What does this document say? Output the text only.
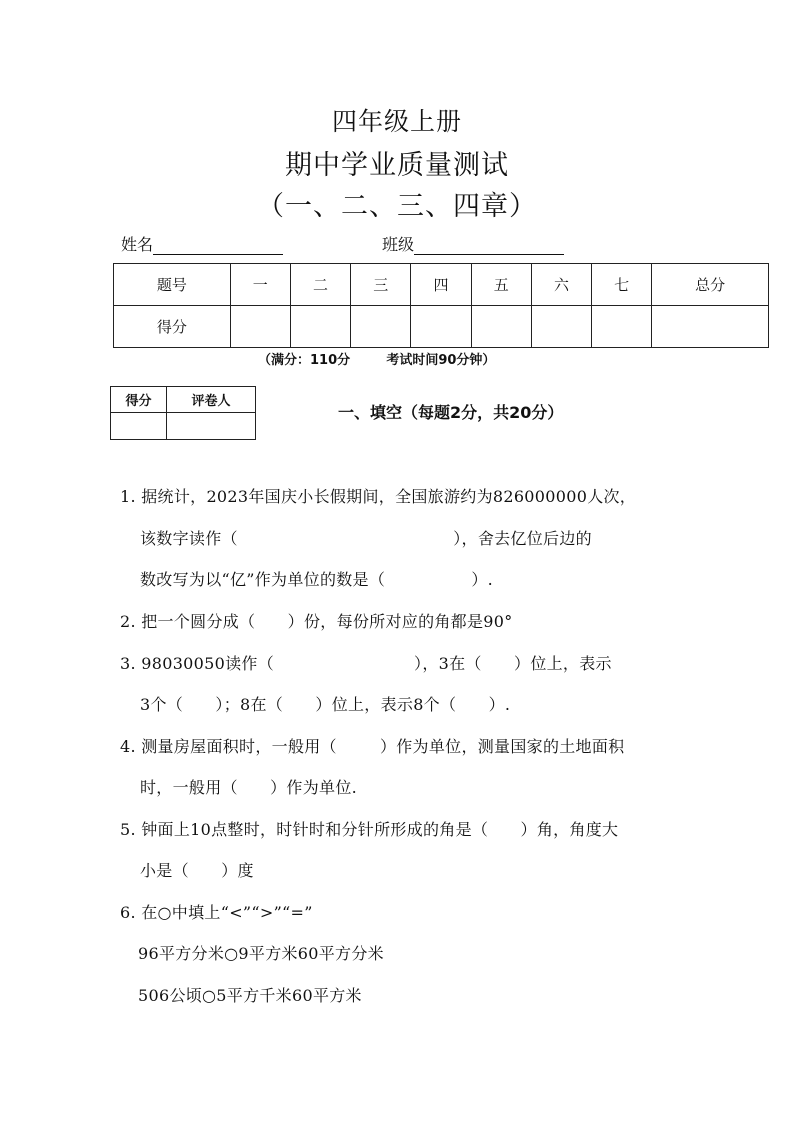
四年级上册
期中学业质量测试
（一、二、三、四章）
姓名	班级
题号	一	二	三	四	五	六	七	总分
得分								
（满分：110分        考试时间90分钟）
得分	评卷人

一、填空（每题2分，共20分）
1. 据统计，2023年国庆小长假期间，全国旅游约为826000000人次，
该数字读作（                                        ），舍去亿位后边的
数改写为以“亿”作为单位的数是（                ）.
2. 把一个圆分成（      ）份，每份所对应的角都是90°
3. 98030050读作（                          ），3在（      ）位上，表示
3个（      ）；8在（      ）位上，表示8个（      ）.
4. 测量房屋面积时，一般用（        ）作为单位，测量国家的土地面积
时，一般用（      ）作为单位.
5. 钟面上10点整时，时针时和分针所形成的角是（      ）角，角度大
小是（      ）度
6. 在○中填上“<”“>”“=”
96平方分米○9平方米60平方分米
506公顷○5平方千米60平方米
